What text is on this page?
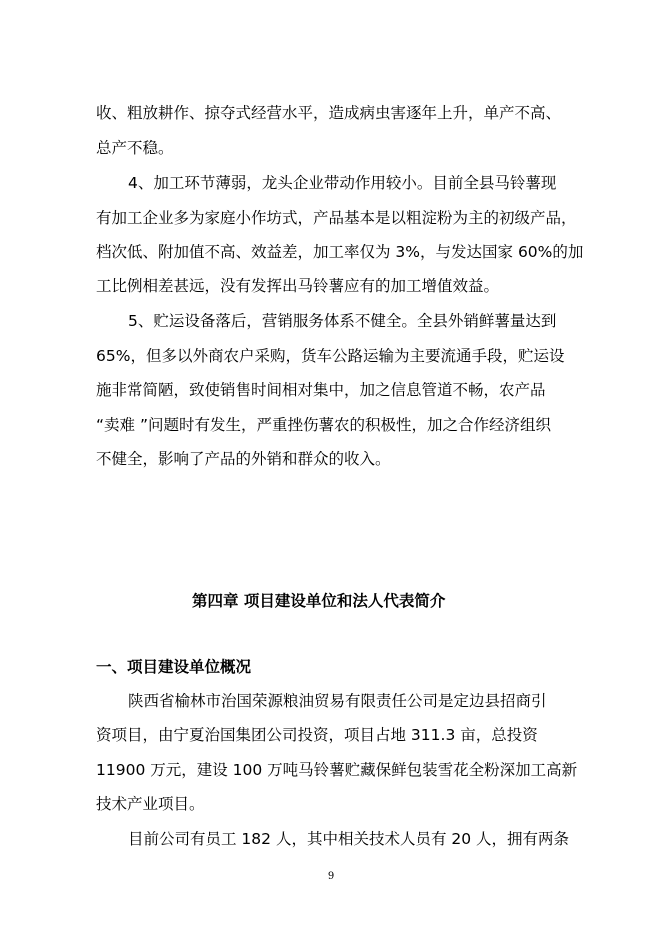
收、粗放耕作、掠夺式经营水平，造成病虫害逐年上升，单产不高、
总产不稳。
4、加工环节薄弱，龙头企业带动作用较小。目前全县马铃薯现
有加工企业多为家庭小作坊式，产品基本是以粗淀粉为主的初级产品，
档次低、附加值不高、效益差，加工率仅为 3%，与发达国家 60%的加
工比例相差甚远，没有发挥出马铃薯应有的加工增值效益。
5、贮运设备落后，营销服务体系不健全。全县外销鲜薯量达到
65%，但多以外商农户采购，货车公路运输为主要流通手段，贮运设
施非常简陋，致使销售时间相对集中，加之信息管道不畅，农产品
“卖难 ”问题时有发生，严重挫伤薯农的积极性，加之合作经济组织
不健全，影响了产品的外销和群众的收入。
第四章 项目建设单位和法人代表简介
一、项目建设单位概况
陕西省榆林市治国荣源粮油贸易有限责任公司是定边县招商引
资项目，由宁夏治国集团公司投资，项目占地 311.3 亩，总投资
11900 万元，建设 100 万吨马铃薯贮藏保鲜包装雪花全粉深加工高新
技术产业项目。
目前公司有员工 182 人，其中相关技术人员有 20 人，拥有两条
9
